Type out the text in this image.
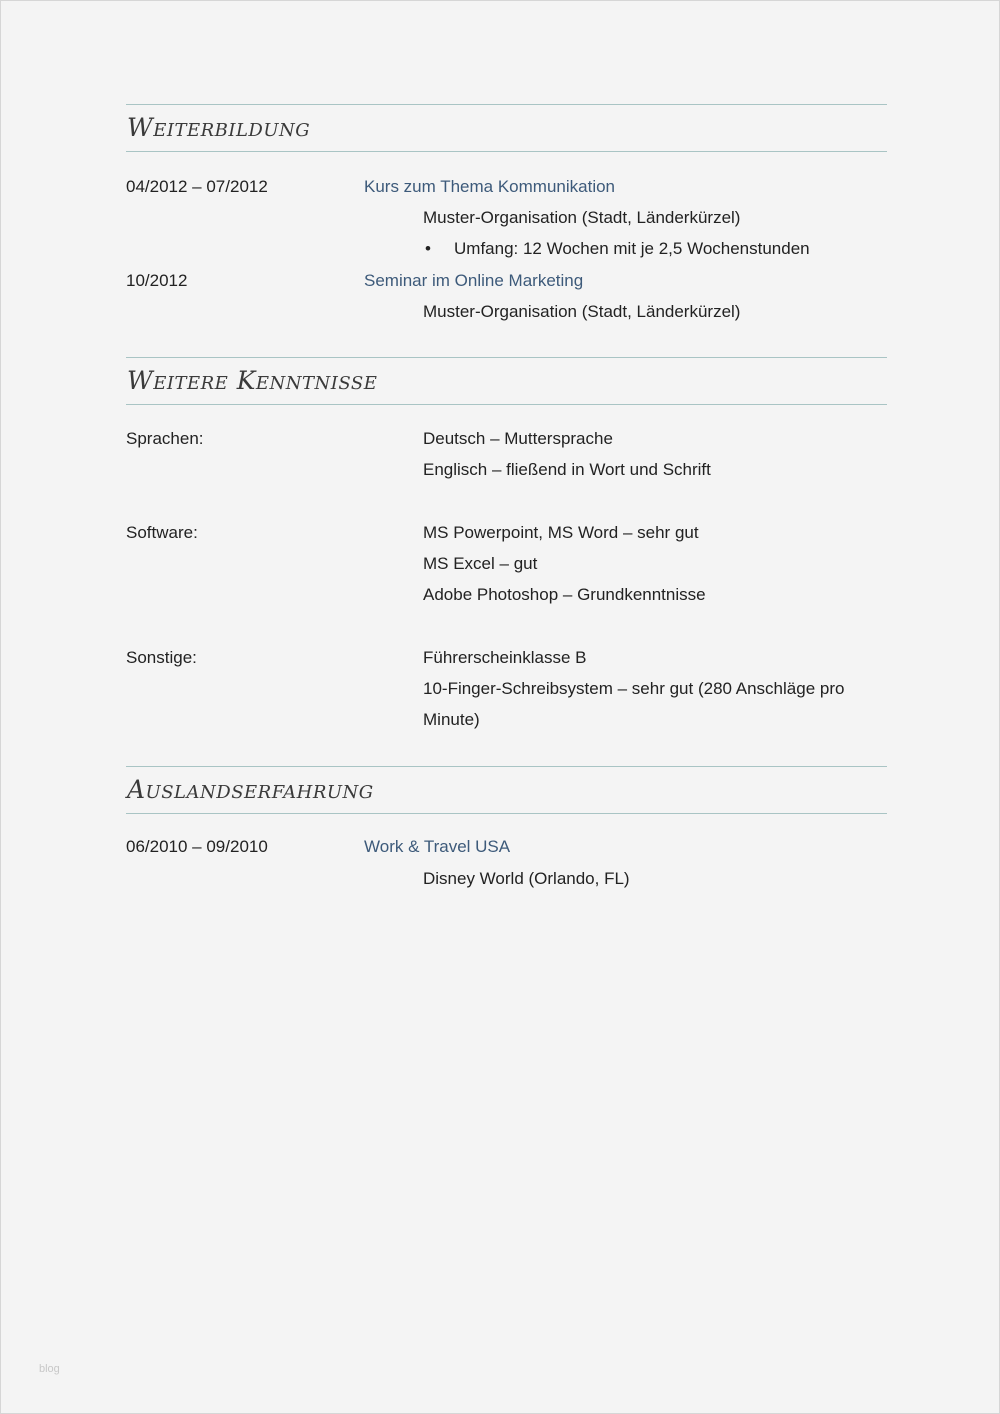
Weiterbildung
04/2012 – 07/2012	Kurs zum Thema Kommunikation
Muster-Organisation (Stadt, Länderkürzel)
• Umfang: 12 Wochen mit je 2,5 Wochenstunden
10/2012	Seminar im Online Marketing
Muster-Organisation (Stadt, Länderkürzel)
Weitere Kenntnisse
Sprachen:	Deutsch – Muttersprache
Englisch – fließend in Wort und Schrift
Software:	MS Powerpoint, MS Word – sehr gut
MS Excel – gut
Adobe Photoshop – Grundkenntnisse
Sonstige:	Führerscheinklasse B
10-Finger-Schreibsystem – sehr gut (280 Anschläge pro
Minute)
Auslandserfahrung
06/2010 – 09/2010	Work & Travel USA
Disney World (Orlando, FL)
blog
